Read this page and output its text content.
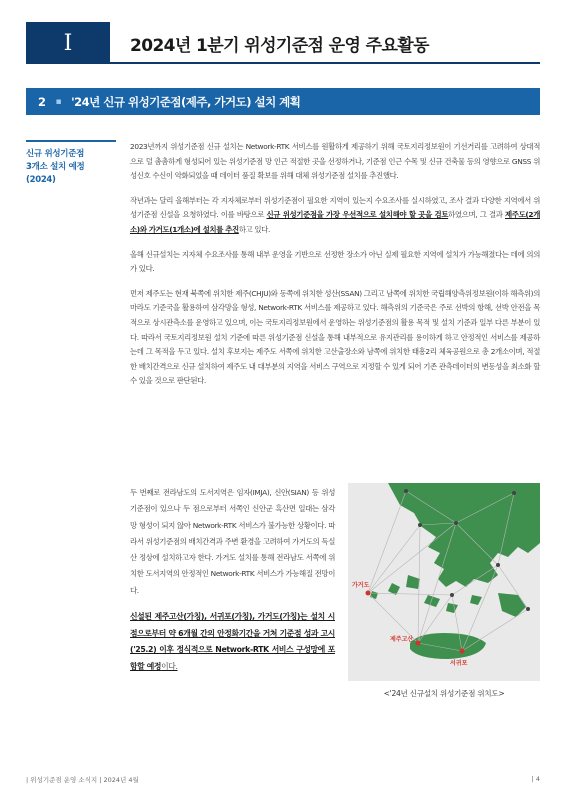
I	2024년 1분기 위성기준점 운영 주요활동
2 ▪ '24년 신규 위성기준점(제주, 가거도) 설치 계획
신규 위성기준점
3개소 설치 예정
(2024)

2023년까지 위성기준점 신규 설치는 Network-RTK 서비스를 원활하게 제공하기 위해 국토지리정보원이 기선거리를 고려하여 상대적으로 덜 촘촘하게 형성되어 있는 위성기준점 망 인근 적절한 곳을 선정하거나, 기준점 인근 수목 및 신규 건축물 등의 영향으로 GNSS 위성신호 수신이 악화되었을 때 데이터 품질 확보를 위해 대체 위성기준점 설치를 추진했다.

작년과는 달리 올해부터는 각 지자체로부터 위성기준점이 필요한 지역이 있는지 수요조사를 실시하였고, 조사 결과 다양한 지역에서 위성기준점 신설을 요청하였다. 이를 바탕으로 신규 위성기준점을 가장 우선적으로 설치해야 할 곳을 검토하였으며, 그 결과 제주도(2개소)와 가거도(1개소)에 설치를 추진하고 있다.

올해 신규설치는 지자체 수요조사를 통해 내부 운영을 기반으로 선정한 장소가 아닌 실제 필요한 지역에 설치가 가능해졌다는 데에 의의가 있다.

먼저 제주도는 현재 북쪽에 위치한 제주(CHJU)와 동쪽에 위치한 성산(SSAN) 그리고 남쪽에 위치한 국립해양측위정보원(이하 해측위)의 마라도 기준국을 활용하여 삼각망을 형성, Network-RTK 서비스를 제공하고 있다. 해측위의 기준국은 주로 선박의 항해, 선박 안전을 목적으로 상시관측소를 운영하고 있으며, 이는 국토지리정보원에서 운영하는 위성기준점의 활용 목적 및 설치 기준과 일부 다른 부분이 있다. 따라서 국토지리정보원 설치 기준에 따른 위성기준점 신설을 통해 내부적으로 유지관리를 용이하게 하고 안정적인 서비스를 제공하는데 그 목적을 두고 있다. 설치 후보지는 제주도 서쪽에 위치한 고산출장소와 남쪽에 위치한 태흥2리 체육공원으로 총 2개소이며, 적절한 배치간격으로 신규 설치하여 제주도 내 대부분의 지역을 서비스 구역으로 지정할 수 있게 되어 기존 관측데이터의 변동성을 최소화 할 수 있을 것으로 판단된다.

두 번째로 전라남도의 도서지역은 임자(IMJA), 신안(SIAN) 등 위성기준점이 있으나 두 점으로부터 서쪽인 신안군 흑산면 일대는 삼각망 형성이 되지 않아 Network-RTK 서비스가 불가능한 상황이다. 따라서 위성기준점의 배치간격과 주변 환경을 고려하여 가거도의 독실산 정상에 설치하고자 한다. 가거도 설치를 통해 전라남도 서쪽에 위치한 도서지역의 안정적인 Network-RTK 서비스가 가능해질 전망이다.
신설된 제주고산(가칭), 서귀포(가칭), 가거도(가칭)는 설치 시점으로부터 약 6개월 간의 안정화기간을 거쳐 기준점 성과 고시('25.2) 이후 정식적으로 Network-RTK 서비스 구성망에 포함할 예정이다.
가거도
제주고산
서귀포
<'24년 신규설치 위성기준점 위치도>
| 위성기준점 운영 소식지 | 2024년 4월	| 4
